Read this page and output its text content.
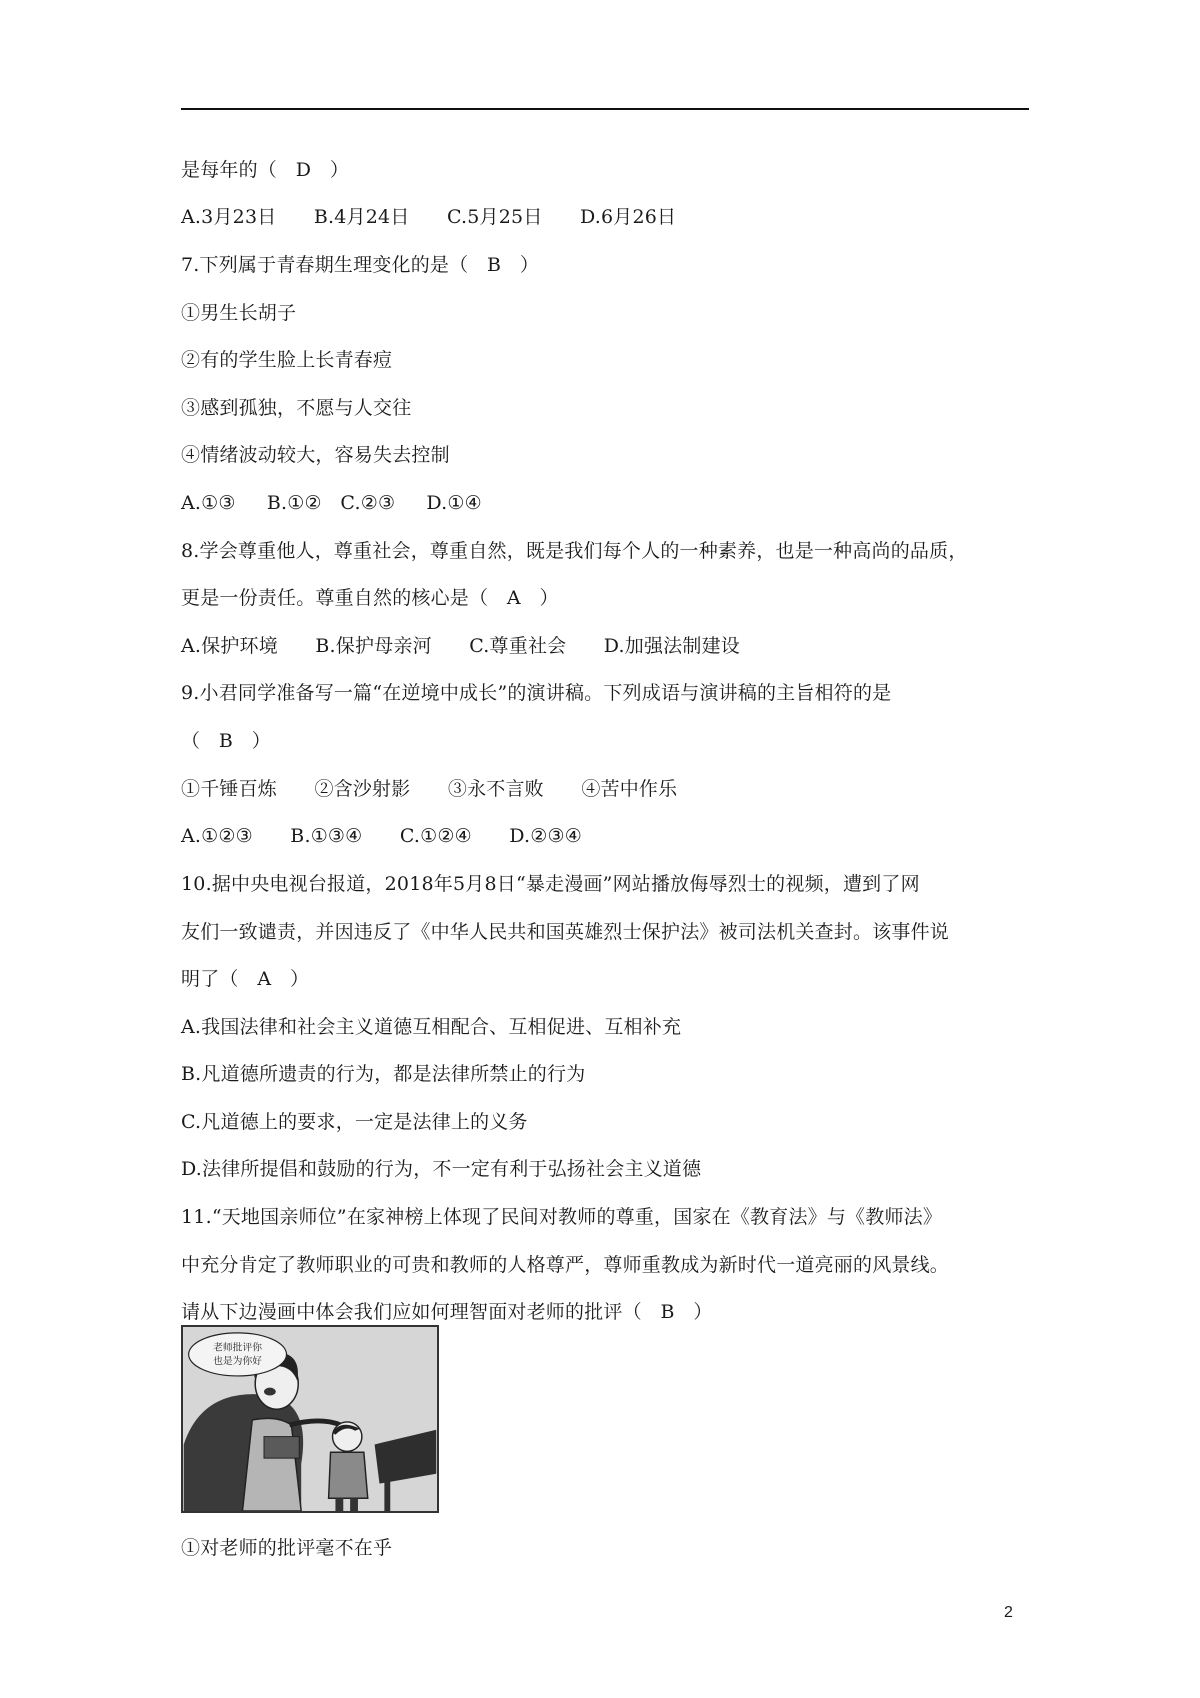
是每年的（   D   ）
A.3月23日      B.4月24日      C.5月25日      D.6月26日
7.下列属于青春期生理变化的是（   B   ）
①男生长胡子
②有的学生脸上长青春痘
③感到孤独，不愿与人交往
④情绪波动较大，容易失去控制
A.①③     B.①②   C.②③     D.①④
8.学会尊重他人，尊重社会，尊重自然，既是我们每个人的一种素养，也是一种高尚的品质，
更是一份责任。尊重自然的核心是（   A   ）
A.保护环境      B.保护母亲河      C.尊重社会      D.加强法制建设
9.小君同学准备写一篇“在逆境中成长”的演讲稿。下列成语与演讲稿的主旨相符的是
（   B   ）
①千锤百炼      ②含沙射影      ③永不言败      ④苦中作乐
A.①②③      B.①③④      C.①②④      D.②③④
10.据中央电视台报道，2018年5月8日“暴走漫画”网站播放侮辱烈士的视频，遭到了网
友们一致谴责，并因违反了《中华人民共和国英雄烈士保护法》被司法机关查封。该事件说
明了（   A   ）
A.我国法律和社会主义道德互相配合、互相促进、互相补充
B.凡道德所遗责的行为，都是法律所禁止的行为
C.凡道德上的要求，一定是法律上的义务
D.法律所提倡和鼓励的行为，不一定有利于弘扬社会主义道德
11.“天地国亲师位”在家神榜上体现了民间对教师的尊重，国家在《教育法》与《教师法》
中充分肯定了教师职业的可贵和教师的人格尊严，尊师重教成为新时代一道亮丽的风景线。
请从下边漫画中体会我们应如何理智面对老师的批评（   B   ）
老师批评你
也是为你好
①对老师的批评毫不在乎
2
